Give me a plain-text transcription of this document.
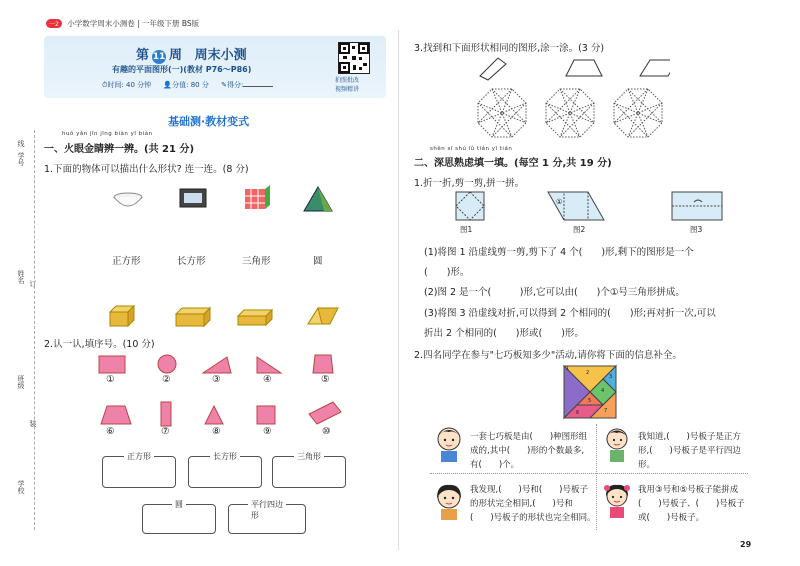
一2 小学数学周末小测卷 | 一年级下册 BS版
第 11 周 周末小测
有趣的平面图形(一)(教材 P76～P86)
⏱时间: 40 分钟 👤分值: 80 分 ✎得分:
拍照批改
视频精讲
线
学号
姓名 订
班级
装
学校
基础测·教材变式
huǒ yǎn jīn jīng biàn yī biàn
一、火眼金睛辨一辨。(共 21 分)
1.下面的物体可以描出什么形状? 连一连。(8 分)
正方形	长方形	三角形	圆
2.认一认,填序号。(10 分)
①	②	③	④	⑤
⑥	⑦	⑧	⑨	⑩
正方形	长方形	三角形
圆	平行四边形
3.找到和下面形状相同的图形,涂一涂。(3 分)
shēn sī shú lǜ tián yī tián
二、深思熟虑填一填。(每空 1 分,共 19 分)
1.折一折,剪一剪,拼一拼。
①
图1	图2	图3
(1)将图 1 沿虚线剪一剪,剪下了 4 个(　　)形,剩下的图形是一个
(　　)形。
(2)图 2 是一个(　　　)形,它可以由(　　)个①号三角形拼成。
(3)将图 3 沿虚线对折,可以得到 2 个相同的(　　)形;再对折一次,可以
折出 2 个相同的(　　)形或(　　)形。
2.四名同学在参与"七巧板知多少"活动,请你将下面的信息补全。
1
2
3
4
5
6	7
一套七巧板是由(　　)种图形组成的,其中(　　)形的个数最多,有(　　)个。
我知道,(　　)号板子是正方形,(　　)号板子是平行四边形。
我发现,(　　)号和(　　)号板子的形状完全相同,(　　)号和(　　)号板子的形状也完全相同。
我用③号和⑤号板子能拼成(　　)号板子、(　　)号板子或(　　)号板子。
29
